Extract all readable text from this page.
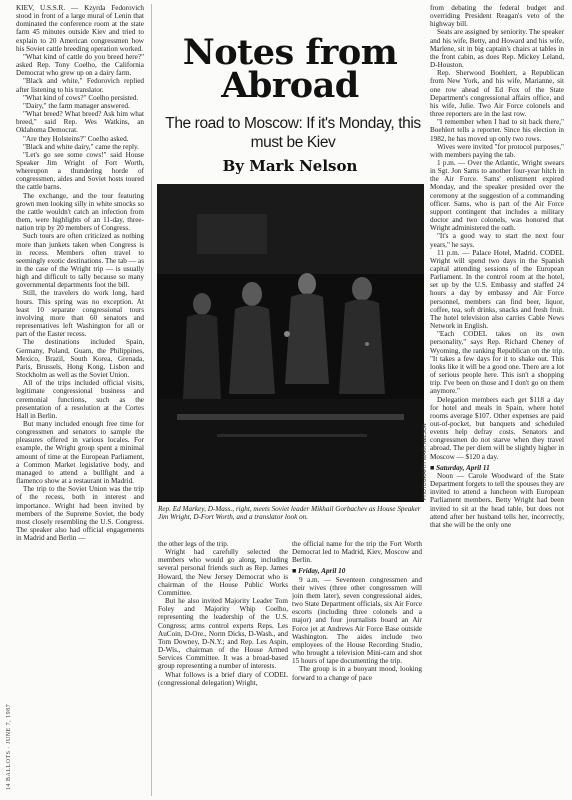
14 BALLOTS · JUNE 7, 1987

KIEV, U.S.S.R. — Kzyrda Fedorovich stood in front of a large mural of Lenin that dominated the conference room at the state farm 45 minutes outside Kiev and tried to explain to 20 American congressmen how his Soviet cattle breeding operation worked.

"What kind of cattle do you breed here?" asked Rep. Tony Coelho, the California Democrat who grew up on a dairy farm.

"Black and white," Fedorovich replied after listening to his translator.

"What kind of cows?" Coelho persisted.

"Dairy," the farm manager answered.

"What breed? What breed? Ask him what breed," said Rep. Wes Watkins, an Oklahoma Democrat.

"Are they Holsteins?" Coelho asked.

"Black and white dairy," came the reply.

"Let's go see some cows!" said House Speaker Jim Wright of Fort Worth, whereupon a thundering horde of congressmen, aides and Soviet hosts toured the cattle barns.

The exchange, and the tour featuring grown men looking silly in white smocks so the cattle wouldn't catch an infection from them, were highlights of an 11-day, three-nation trip by 20 members of Congress.

Such tours are often criticized as nothing more than junkets taken when Congress is in recess. Members often travel to seemingly exotic destinations. The tab — as in the case of the Wright trip — is usually high and difficult to tally because so many governmental departments foot the bill.

Still, the travelers do work long, hard hours. This spring was no exception. At least 10 separate congressional tours involving more than 60 senators and representatives left Washington for all or part of the Easter recess.

The destinations included Spain, Germany, Poland, Guam, the Philippines, Mexico, Brazil, South Korea, Grenada, Paris, Brussels, Hong Kong, Lisbon and Stockholm as well as the Soviet Union.

All of the trips included official visits, legitimate congressional business and ceremonial functions, such as the presentation of a resolution at the Cortes Hall in Berlin.

But many included enough free time for congressmen and senators to sample the pleasures offered in various locales. For example, the Wright group spent a minimal amount of time at the European Parliament, a Common Market legislative body, and managed to attend a bullfight and a flamenco show at a restaurant in Madrid.

The trip to the Soviet Union was the trip of the recess, both in interest and importance. Wright had been invited by members of the Supreme Soviet, the body most closely resembling the U.S. Congress. The speaker also had official engagements in Madrid and Berlin —

Notes from
Abroad
The road to Moscow: If it's Monday, this must be Kiev
By Mark Nelson
PHOTOGRAPHY MARK NELSON
Rep. Ed Markey, D-Mass., right, meets Soviet leader Mikhail Gorbachev as House Speaker Jim Wright, D-Fort Worth, and a translator look on.

the other legs of the trip.

Wright had carefully selected the members who would go along, including several personal friends such as Rep. James Howard, the New Jersey Democrat who is chairman of the House Public Works Committee.

But he also invited Majority Leader Tom Foley and Majority Whip Coelho, representing the leadership of the U.S. Congress; arms control experts Reps. Les AuCoin, D-Ore., Norm Dicks, D-Wash., and Tom Downey, D-N.Y.; and Rep. Les Aspin, D-Wis., chairman of the House Armed Services Committee. It was a broad-based group representing a number of interests.

What follows is a brief diary of CODEL (congressional delegation) Wright,

the official name for the trip the Fort Worth Democrat led to Madrid, Kiev, Moscow and Berlin.

■ Friday, April 10

9 a.m. — Seventeen congressmen and their wives (three other congressmen will join them later), seven congressional aides, two State Department officials, six Air Force escorts (including three colonels and a major) and four journalists board an Air Force jet at Andrews Air Force Base outside Washington. The aides include two employees of the House Recording Studio, who brought a television Mini-cam and shot 15 hours of tape documenting the trip.

The group is in a buoyant mood, looking forward to a change of pace

from debating the federal budget and overriding President Reagan's veto of the highway bill.

Seats are assigned by seniority. The speaker and his wife, Betty, and Howard and his wife, Marlene, sit in big captain's chairs at tables in the front cabin, as does Rep. Mickey Leland, D-Houston.

Rep. Sherwood Boehlert, a Republican from New York, and his wife, Marianne, sit one row ahead of Ed Fox of the State Department's congressional affairs office, and his wife, Julie. Two Air Force colonels and three reporters are in the last row.

"I remember when I had to sit back there," Boehlert tells a reporter. Since his election in 1982, he has moved up only two rows.

Wives were invited "for protocol purposes," with members paying the tab.

1 p.m. — Over the Atlantic, Wright swears in Sgt. Jon Sams to another four-year hitch in the Air Force. Sams' enlistment expired Monday, and the speaker presided over the ceremony at the suggestion of a commanding officer. Sams, who is part of the Air Force support contingent that includes a military doctor and two colonels, was honored that Wright administered the oath.

"It's a good way to start the next four years," he says.

11 p.m. — Palace Hotel, Madrid. CODEL Wright will spend two days in the Spanish capital attending sessions of the European Parliament. In the control room at the hotel, set up by the U.S. Embassy and staffed 24 hours a day by embassy and Air Force personnel, members can find beer, liquor, coffee, tea, soft drinks, snacks and fresh fruit. The hotel television also carries Cable News Network in English.

"Each CODEL takes on its own personality," says Rep. Richard Cheney of Wyoming, the ranking Republican on the trip. "It takes a few days for it to shake out. This looks like it will be a good one. There are a lot of serious people here. This isn't a shopping trip. I've been on those and I don't go on them anymore."

Delegation members each get $118 a day for hotel and meals in Spain, where hotel rooms average $107. Other expenses are paid out-of-pocket, but banquets and scheduled events help defray costs. Senators and congressmen do not starve when they travel abroad. The per diem will be slightly higher in Moscow — $120 a day.

■ Saturday, April 11

Noon — Carole Woodward of the State Department forgets to tell the spouses they are invited to attend a luncheon with European Parliament members. Betty Wright had been invited to sit at the head table, but does not attend after her husband tells her, incorrectly, that she will be the only one
